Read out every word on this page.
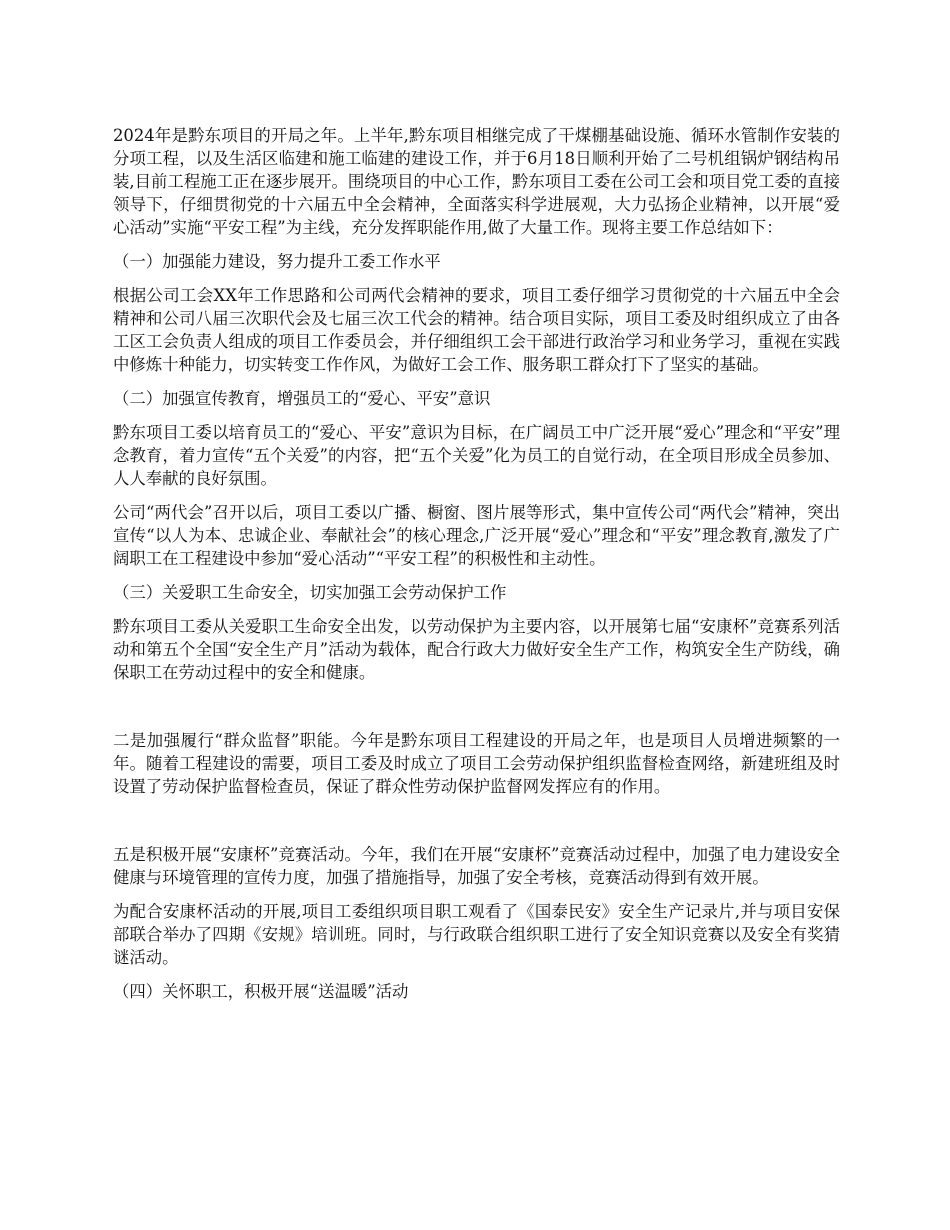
2024年是黔东项目的开局之年。上半年,黔东项目相继完成了干煤棚基础设施、循环水管制作安装的分项工程，以及生活区临建和施工临建的建设工作，并于6月18日顺利开始了二号机组锅炉钢结构吊装,目前工程施工正在逐步展开。围绕项目的中心工作，黔东项目工委在公司工会和项目党工委的直接领导下，仔细贯彻党的十六届五中全会精神，全面落实科学进展观，大力弘扬企业精神，以开展“爱心活动”实施“平安工程”为主线，充分发挥职能作用,做了大量工作。现将主要工作总结如下：

（一）加强能力建设，努力提升工委工作水平

根据公司工会XX年工作思路和公司两代会精神的要求，项目工委仔细学习贯彻党的十六届五中全会精神和公司八届三次职代会及七届三次工代会的精神。结合项目实际，项目工委及时组织成立了由各工区工会负责人组成的项目工作委员会，并仔细组织工会干部进行政治学习和业务学习，重视在实践中修炼十种能力，切实转变工作作风，为做好工会工作、服务职工群众打下了坚实的基础。

（二）加强宣传教育，增强员工的“爱心、平安”意识

黔东项目工委以培育员工的“爱心、平安”意识为目标，在广阔员工中广泛开展“爱心”理念和“平安”理念教育，着力宣传“五个关爱”的内容，把“五个关爱”化为员工的自觉行动，在全项目形成全员参加、人人奉献的良好氛围。

公司“两代会”召开以后，项目工委以广播、橱窗、图片展等形式，集中宣传公司“两代会”精神，突出宣传“以人为本、忠诚企业、奉献社会”的核心理念,广泛开展“爱心”理念和“平安”理念教育,激发了广阔职工在工程建设中参加“爱心活动”“平安工程”的积极性和主动性。

（三）关爱职工生命安全，切实加强工会劳动保护工作

黔东项目工委从关爱职工生命安全出发，以劳动保护为主要内容，以开展第七届“安康杯”竞赛系列活动和第五个全国“安全生产月”活动为载体，配合行政大力做好安全生产工作，构筑安全生产防线，确保职工在劳动过程中的安全和健康。

二是加强履行“群众监督”职能。今年是黔东项目工程建设的开局之年，也是项目人员增进频繁的一年。随着工程建设的需要，项目工委及时成立了项目工会劳动保护组织监督检查网络，新建班组及时设置了劳动保护监督检查员，保证了群众性劳动保护监督网发挥应有的作用。

五是积极开展“安康杯”竞赛活动。今年，我们在开展“安康杯”竞赛活动过程中，加强了电力建设安全健康与环境管理的宣传力度，加强了措施指导，加强了安全考核，竞赛活动得到有效开展。

为配合安康杯活动的开展,项目工委组织项目职工观看了《国泰民安》安全生产记录片,并与项目安保部联合举办了四期《安规》培训班。同时，与行政联合组织职工进行了安全知识竞赛以及安全有奖猜谜活动。

（四）关怀职工，积极开展“送温暖”活动
